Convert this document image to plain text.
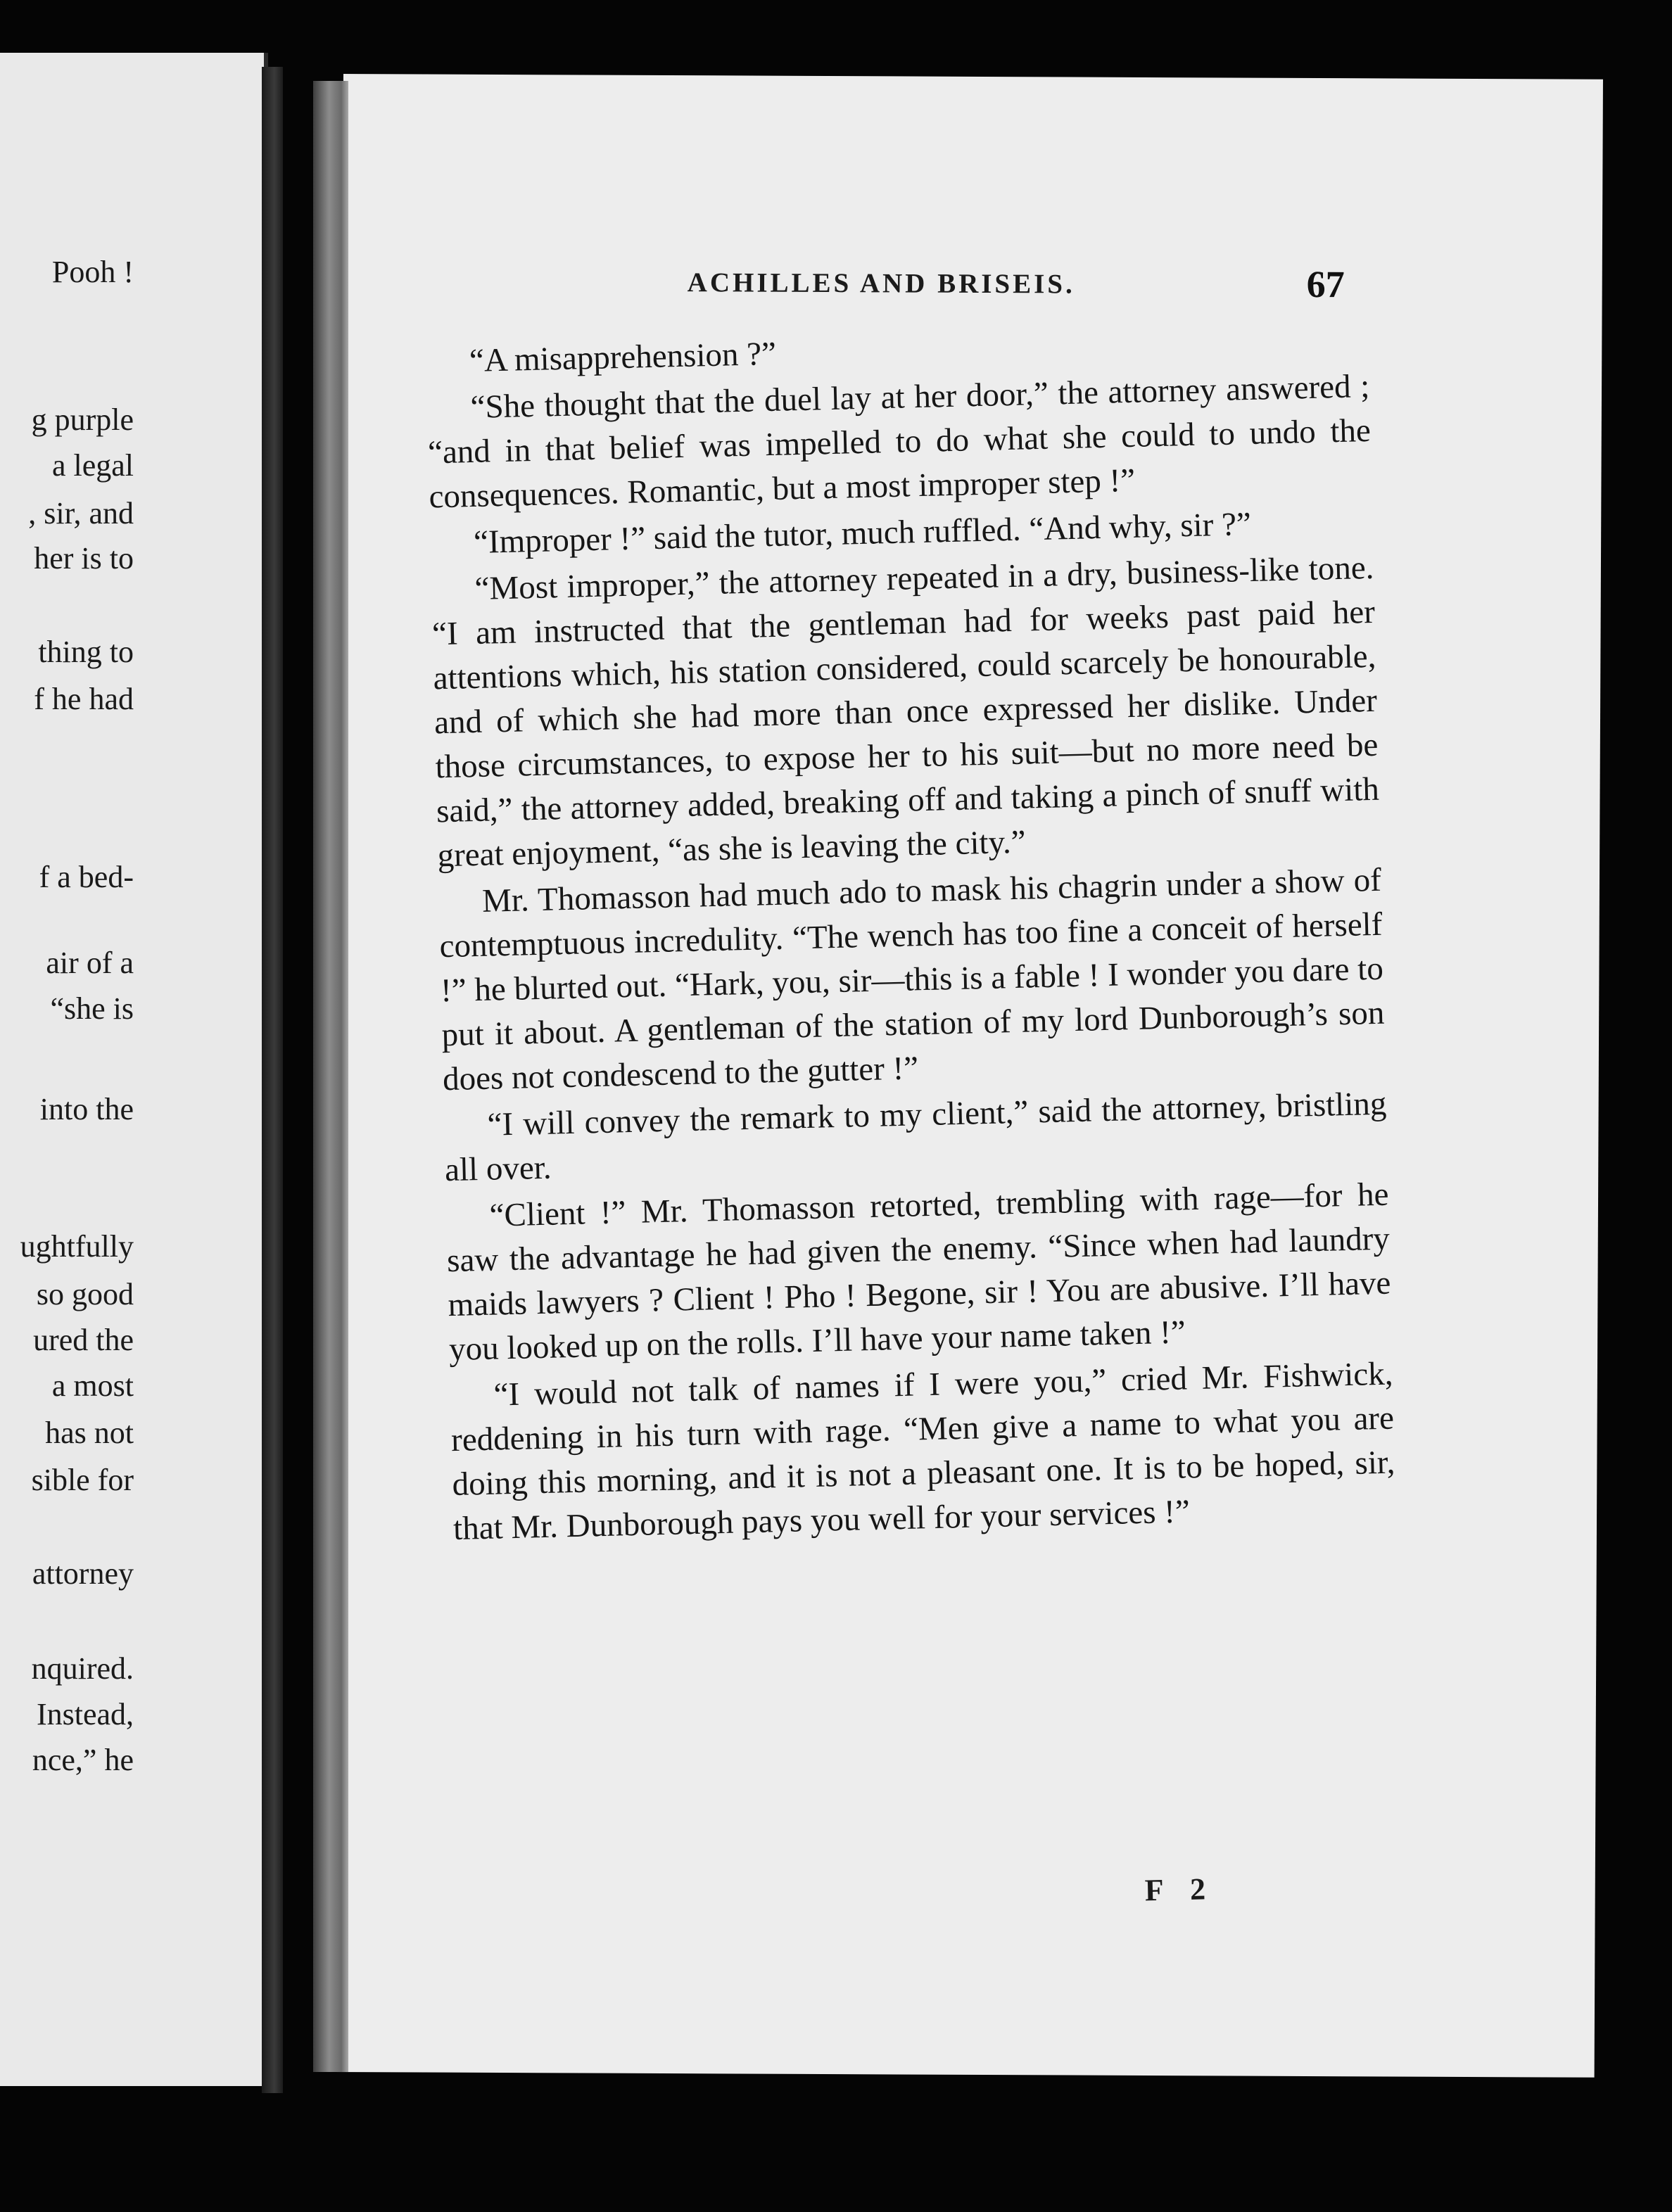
Pooh !
g purple
a legal
, sir, and
her is to
thing to
f he had
f a bed-
air of a
“she is
into the
ughtfully
so good
ured the
a most
has not
sible for
attorney
nquired.
Instead,
nce,” he
ACHILLES AND BRISEIS.	67

“A misapprehension ?”

“She thought that the duel lay at her door,” the attorney answered ; “and in that belief was impelled to do what she could to undo the consequences. Romantic, but a most improper step !”

“Improper !” said the tutor, much ruffled. “And why, sir ?”

“Most improper,” the attorney repeated in a dry, business-like tone. “I am instructed that the gentleman had for weeks past paid her attentions which, his station considered, could scarcely be honourable, and of which she had more than once expressed her dislike. Under those circumstances, to expose her to his suit—but no more need be said,” the attorney added, breaking off and taking a pinch of snuff with great enjoyment, “as she is leaving the city.”

Mr. Thomasson had much ado to mask his chagrin under a show of contemptuous incredulity. “The wench has too fine a conceit of herself !” he blurted out. “Hark, you, sir—this is a fable ! I wonder you dare to put it about. A gentleman of the station of my lord Dunborough’s son does not condescend to the gutter !”

“I will convey the remark to my client,” said the attorney, bristling all over.

“Client !” Mr. Thomasson retorted, trembling with rage—for he saw the advantage he had given the enemy. “Since when had laundry maids lawyers ? Client ! Pho ! Begone, sir ! You are abusive. I’ll have you looked up on the rolls. I’ll have your name taken !”

“I would not talk of names if I were you,” cried Mr. Fishwick, reddening in his turn with rage. “Men give a name to what you are doing this morning, and it is not a pleasant one. It is to be hoped, sir, that Mr. Dunborough pays you well for your services !”

F 2
